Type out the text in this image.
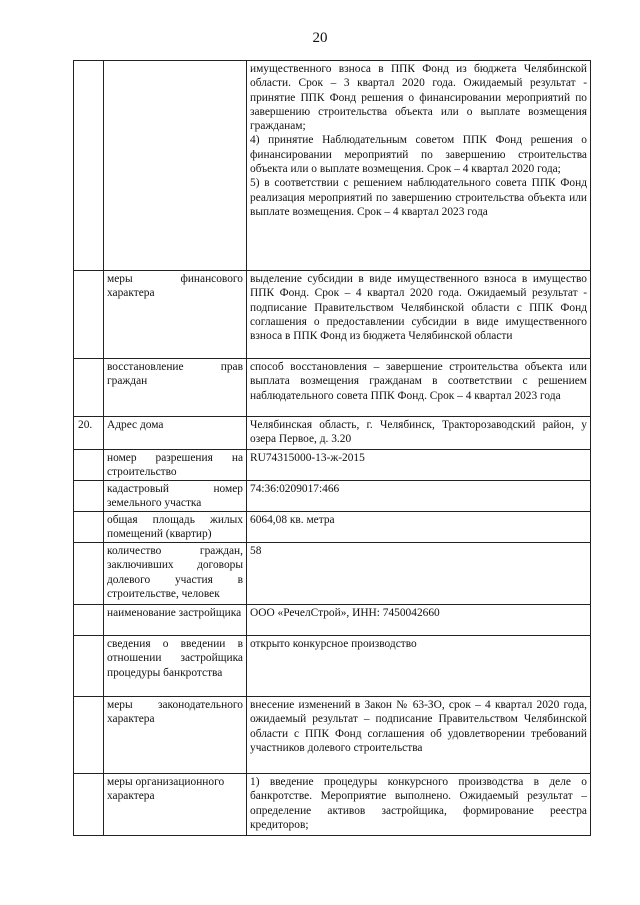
20

		имущественного взноса в ППК Фонд из бюджета Челябинской области. Срок – 3 квартал 2020 года. Ожидаемый результат - принятие ППК Фонд решения о финансировании мероприятий по завершению строительства объекта или о выплате возмещения гражданам;
4) принятие Наблюдательным советом ППК Фонд решения о финансировании мероприятий по завершению строительства объекта или о выплате возмещения. Срок – 4 квартал 2020 года;
5) в соответствии с решением наблюдательного совета ППК Фонд реализация мероприятий по завершению строительства объекта или выплате возмещения. Срок – 4 квартал 2023 года

	меры финансового характера	выделение субсидии в виде имущественного взноса в имущество ППК Фонд. Срок – 4 квартал 2020 года. Ожидаемый результат - подписание Правительством Челябинской области с ППК Фонд соглашения о предоставлении субсидии в виде имущественного взноса в ППК Фонд из бюджета Челябинской области
	восстановление прав граждан	способ восстановления – завершение строительства объекта или выплата возмещения гражданам в соответствии с решением наблюдательного совета ППК Фонд. Срок – 4 квартал 2023 года
20.	Адрес дома	Челябинская область, г. Челябинск, Тракторозаводский район, у озера Первое, д. 3.20
	номер разрешения на строительство	RU74315000-13-ж-2015
	кадастровый номер земельного участка	74:36:0209017:466
	общая площадь жилых помещений (квартир)	6064,08 кв. метра
	количество граждан, заключивших договоры долевого участия в строительстве, человек	58
	наименование застройщика	ООО «РечелСтрой», ИНН: 7450042660
	сведения о введении в отношении застройщика процедуры банкротства	открыто конкурсное производство
	меры законодательного характера	внесение изменений в Закон № 63-ЗО, срок – 4 квартал 2020 года, ожидаемый результат – подписание Правительством Челябинской области с ППК Фонд соглашения об удовлетворении требований участников долевого строительства
	меры организационного характера	1) введение процедуры конкурсного производства в деле о банкротстве. Мероприятие выполнено. Ожидаемый результат – определение активов застройщика, формирование реестра кредиторов;
